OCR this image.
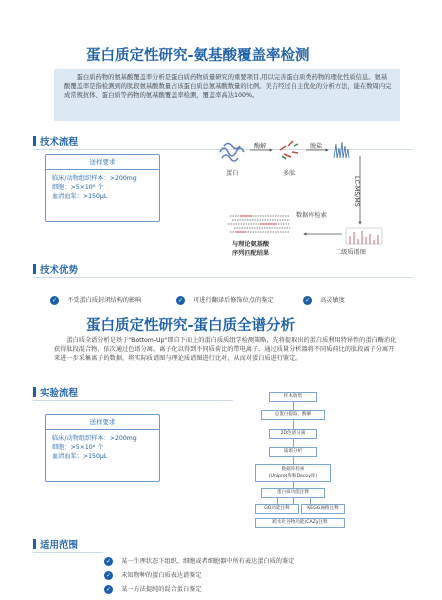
蛋白质定性研究-氨基酸覆盖率检测

蛋白质药物的氨基酸覆盖率分析是蛋白质药物质量研究的重要项目,用以完善蛋白质类药物的理化性质信息。氨基酸覆盖率是指检测到的肽段氨基酸数量占该蛋白质总氨基酸数量的比例。美吉经过自主优化的分析方法，能在数周内完成常规抗体、蛋白质等药物的氨基酸覆盖率检测，覆盖率高达100%。

技术流程
送样要求
临床/动物组织样本：>200mg
细胞：>5×10⁶ 个
血清血浆：>150μL
蛋白
酶解
多肽
脱盐
LC-MS/MS
数据库检索
二级质谱图
与理论氨基酸
序列匹配结果
技术优势
✓ 不受蛋白质封闭结构的影响	✓ 可进行翻译后修饰位点的鉴定	✓ 高灵敏度
蛋白质定性研究-蛋白质全谱分析

蛋白质全谱分析是基于"Bottom-Up"即自下而上的蛋白质质组学检测策略，先将提取出的蛋白质利用特异性的蛋白酶消化获得肽段混合物，依次通过色谱分离，离子化以得到不同质荷比的带电离子，通过质量分析器将不同质荷比的肽段离子分离开来进一步采集离子的数据，将实际质谱图与理论质谱图进行比对，从而对蛋白质进行鉴定。

实验流程
送样要求
临床/动物组织样本：>200mg
细胞：>5×10⁶ 个
血清血浆：>150μL
样本收集
总蛋白提取、酶解
2D色谱分离
质谱分析
数据库检索
(Uniprot库和Decoy库)
蛋白质功能注释
GO功能注释	KEGG通路注释
跨水化谷物功能(CAZy注释
适用范围
✓ 某一生理状态下组织、细胞或者细胞器中所有表达蛋白质的鉴定
✓ 未知物种的蛋白质表达谱鉴定
✓ 某一方法提纯的混合蛋白鉴定
